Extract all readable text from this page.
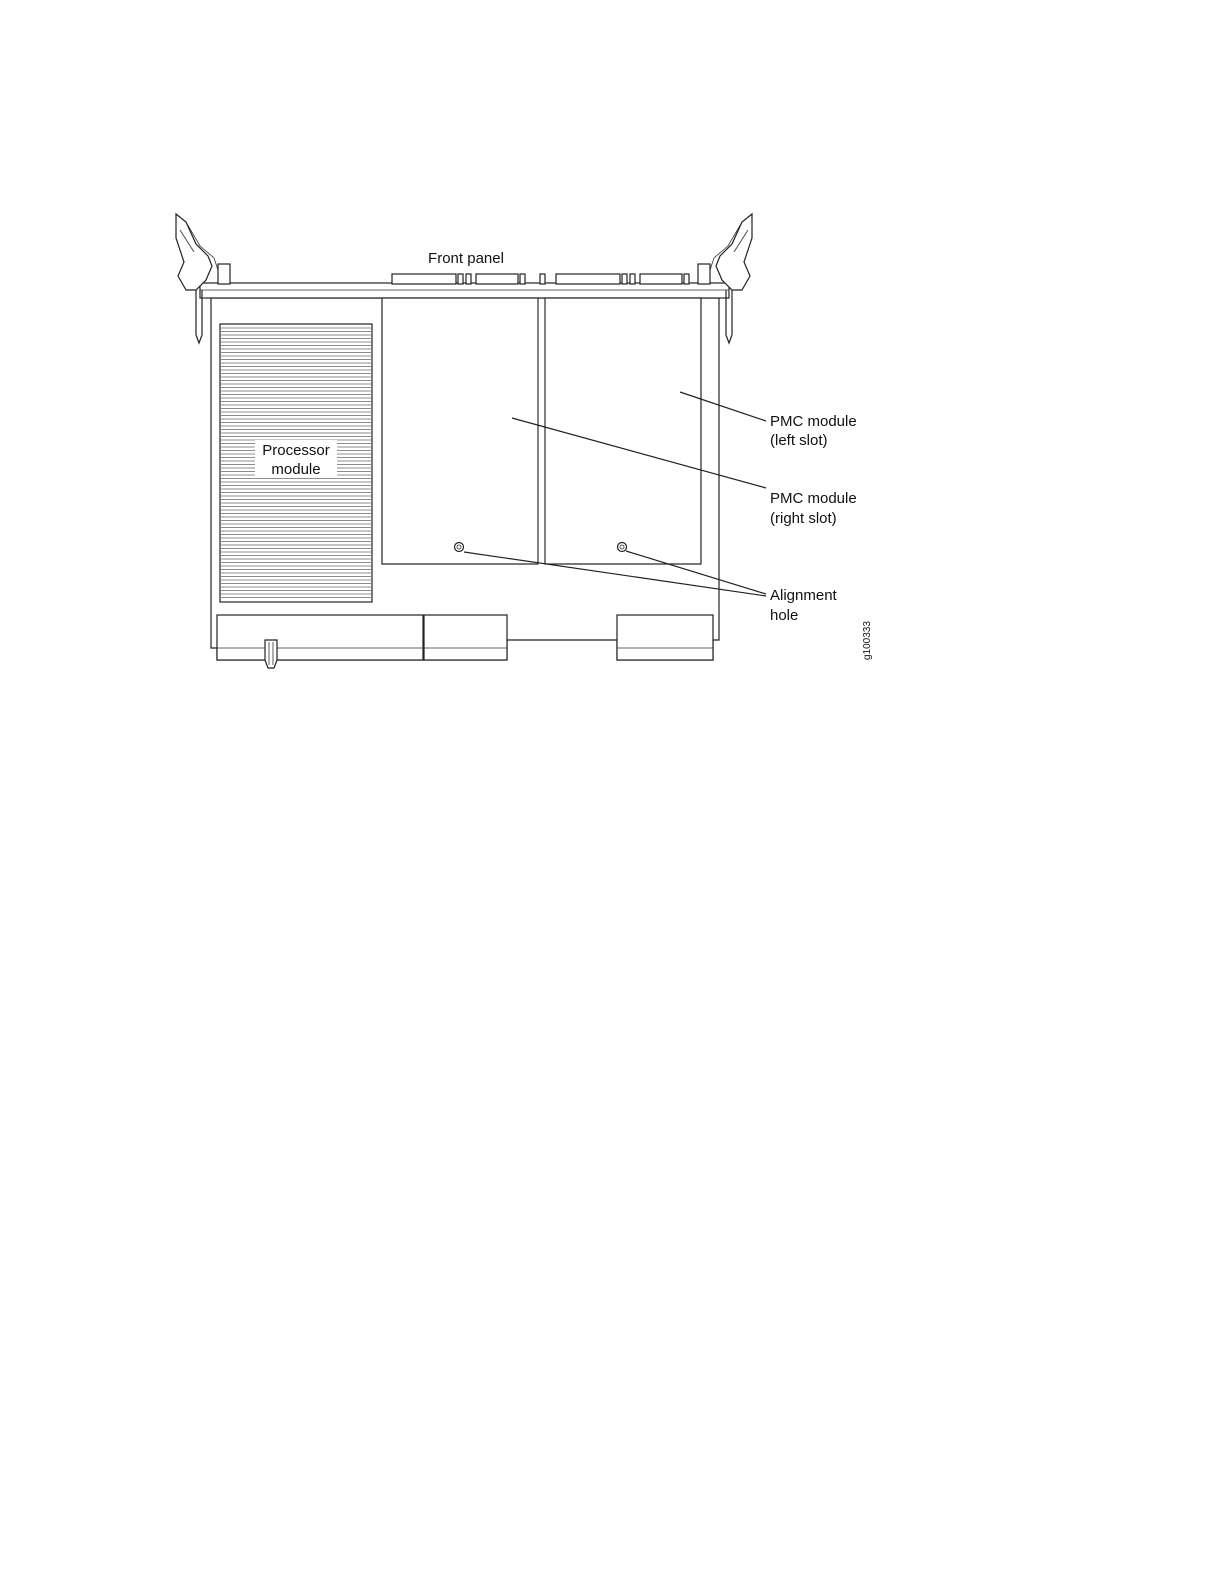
Front panel
Processor
module
PMC module
(left slot)
PMC module
(right slot)
Alignment
hole
g100333
